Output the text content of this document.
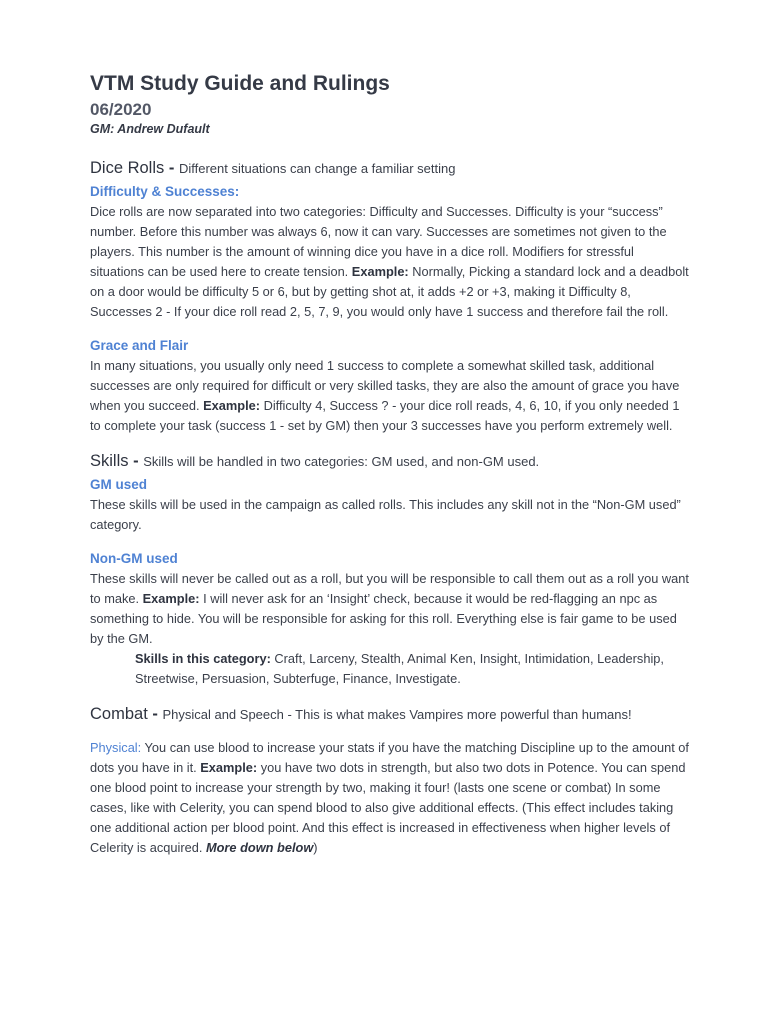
VTM Study Guide and Rulings
06/2020
GM: Andrew Dufault
Dice Rolls - Different situations can change a familiar setting
Difficulty & Successes:

Dice rolls are now separated into two categories: Difficulty and Successes. Difficulty is your “success” number. Before this number was always 6, now it can vary. Successes are sometimes not given to the players. This number is the amount of winning dice you have in a dice roll. Modifiers for stressful situations can be used here to create tension. Example: Normally, Picking a standard lock and a deadbolt on a door would be difficulty 5 or 6, but by getting shot at, it adds +2 or +3, making it Difficulty 8, Successes 2 - If your dice roll read 2, 5, 7, 9, you would only have 1 success and therefore fail the roll.

Grace and Flair

In many situations, you usually only need 1 success to complete a somewhat skilled task, additional successes are only required for difficult or very skilled tasks, they are also the amount of grace you have when you succeed. Example: Difficulty 4, Success ? - your dice roll reads, 4, 6, 10, if you only needed 1 to complete your task (success 1 - set by GM) then your 3 successes have you perform extremely well.

Skills - Skills will be handled in two categories: GM used, and non-GM used.
GM used

These skills will be used in the campaign as called rolls. This includes any skill not in the “Non-GM used” category.

Non-GM used

These skills will never be called out as a roll, but you will be responsible to call them out as a roll you want to make. Example: I will never ask for an ‘Insight’ check, because it would be red-flagging an npc as something to hide. You will be responsible for asking for this roll. Everything else is fair game to be used by the GM.

Skills in this category: Craft, Larceny, Stealth, Animal Ken, Insight, Intimidation, Leadership, Streetwise, Persuasion, Subterfuge, Finance, Investigate.

Combat - Physical and Speech - This is what makes Vampires more powerful than humans!

Physical: You can use blood to increase your stats if you have the matching Discipline up to the amount of dots you have in it. Example: you have two dots in strength, but also two dots in Potence. You can spend one blood point to increase your strength by two, making it four! (lasts one scene or combat) In some cases, like with Celerity, you can spend blood to also give additional effects. (This effect includes taking one additional action per blood point. And this effect is increased in effectiveness when higher levels of Celerity is acquired. More down below)
